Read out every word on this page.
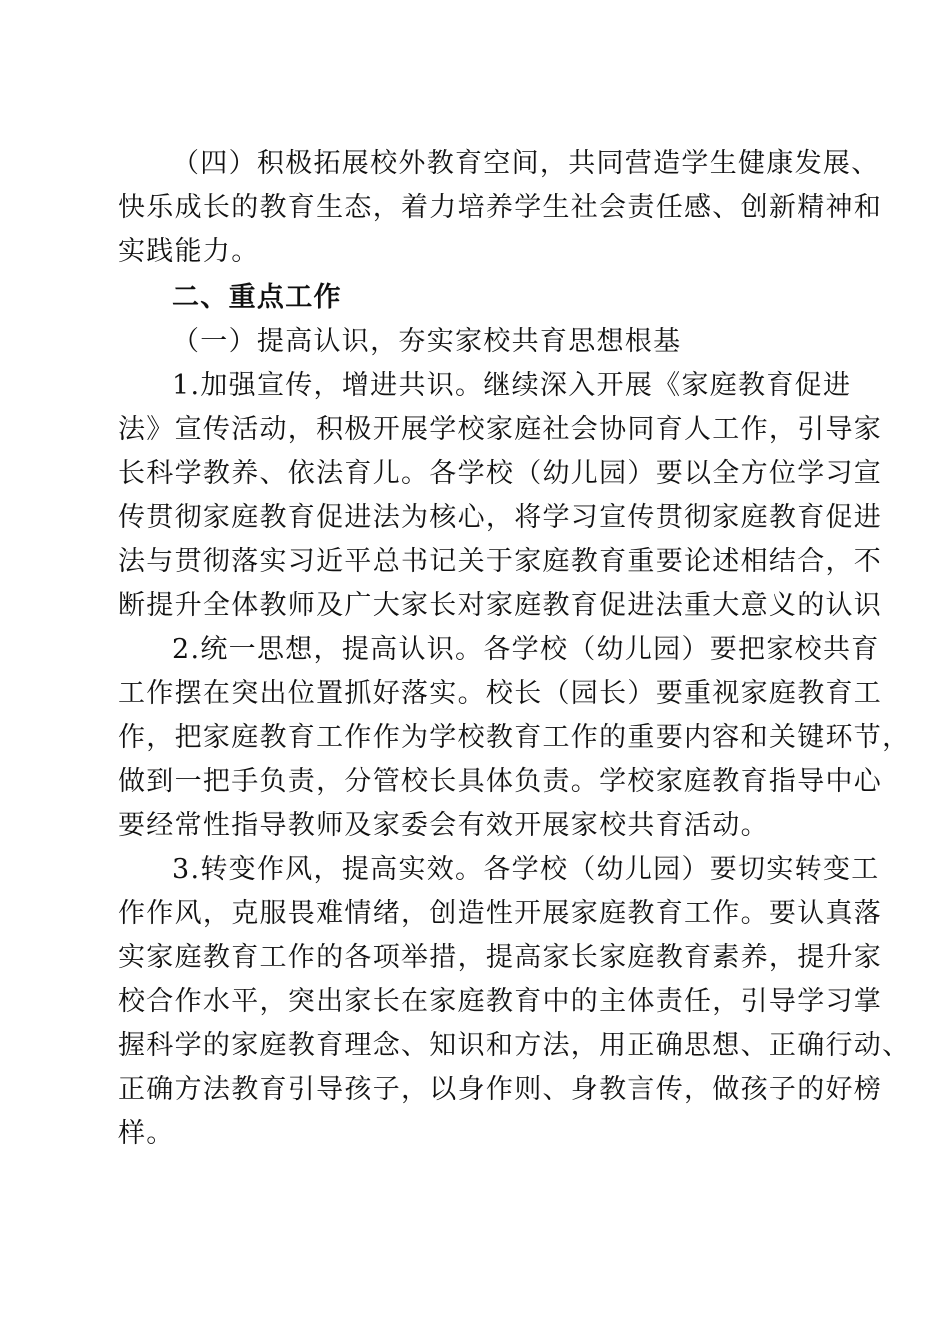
（四）积极拓展校外教育空间，共同营造学生健康发展、
快乐成长的教育生态，着力培养学生社会责任感、创新精神和
实践能力。
二、重点工作
（一）提高认识，夯实家校共育思想根基
1.加强宣传，增进共识。继续深入开展《家庭教育促进
法》宣传活动，积极开展学校家庭社会协同育人工作，引导家
长科学教养、依法育儿。各学校（幼儿园）要以全方位学习宣
传贯彻家庭教育促进法为核心，将学习宣传贯彻家庭教育促进
法与贯彻落实习近平总书记关于家庭教育重要论述相结合，不
断提升全体教师及广大家长对家庭教育促进法重大意义的认识
2.统一思想，提高认识。各学校（幼儿园）要把家校共育
工作摆在突出位置抓好落实。校长（园长）要重视家庭教育工
作，把家庭教育工作作为学校教育工作的重要内容和关键环节，
做到一把手负责，分管校长具体负责。学校家庭教育指导中心
要经常性指导教师及家委会有效开展家校共育活动。
3.转变作风，提高实效。各学校（幼儿园）要切实转变工
作作风，克服畏难情绪，创造性开展家庭教育工作。要认真落
实家庭教育工作的各项举措，提高家长家庭教育素养，提升家
校合作水平，突出家长在家庭教育中的主体责任，引导学习掌
握科学的家庭教育理念、知识和方法，用正确思想、正确行动、
正确方法教育引导孩子，以身作则、身教言传，做孩子的好榜
样。
